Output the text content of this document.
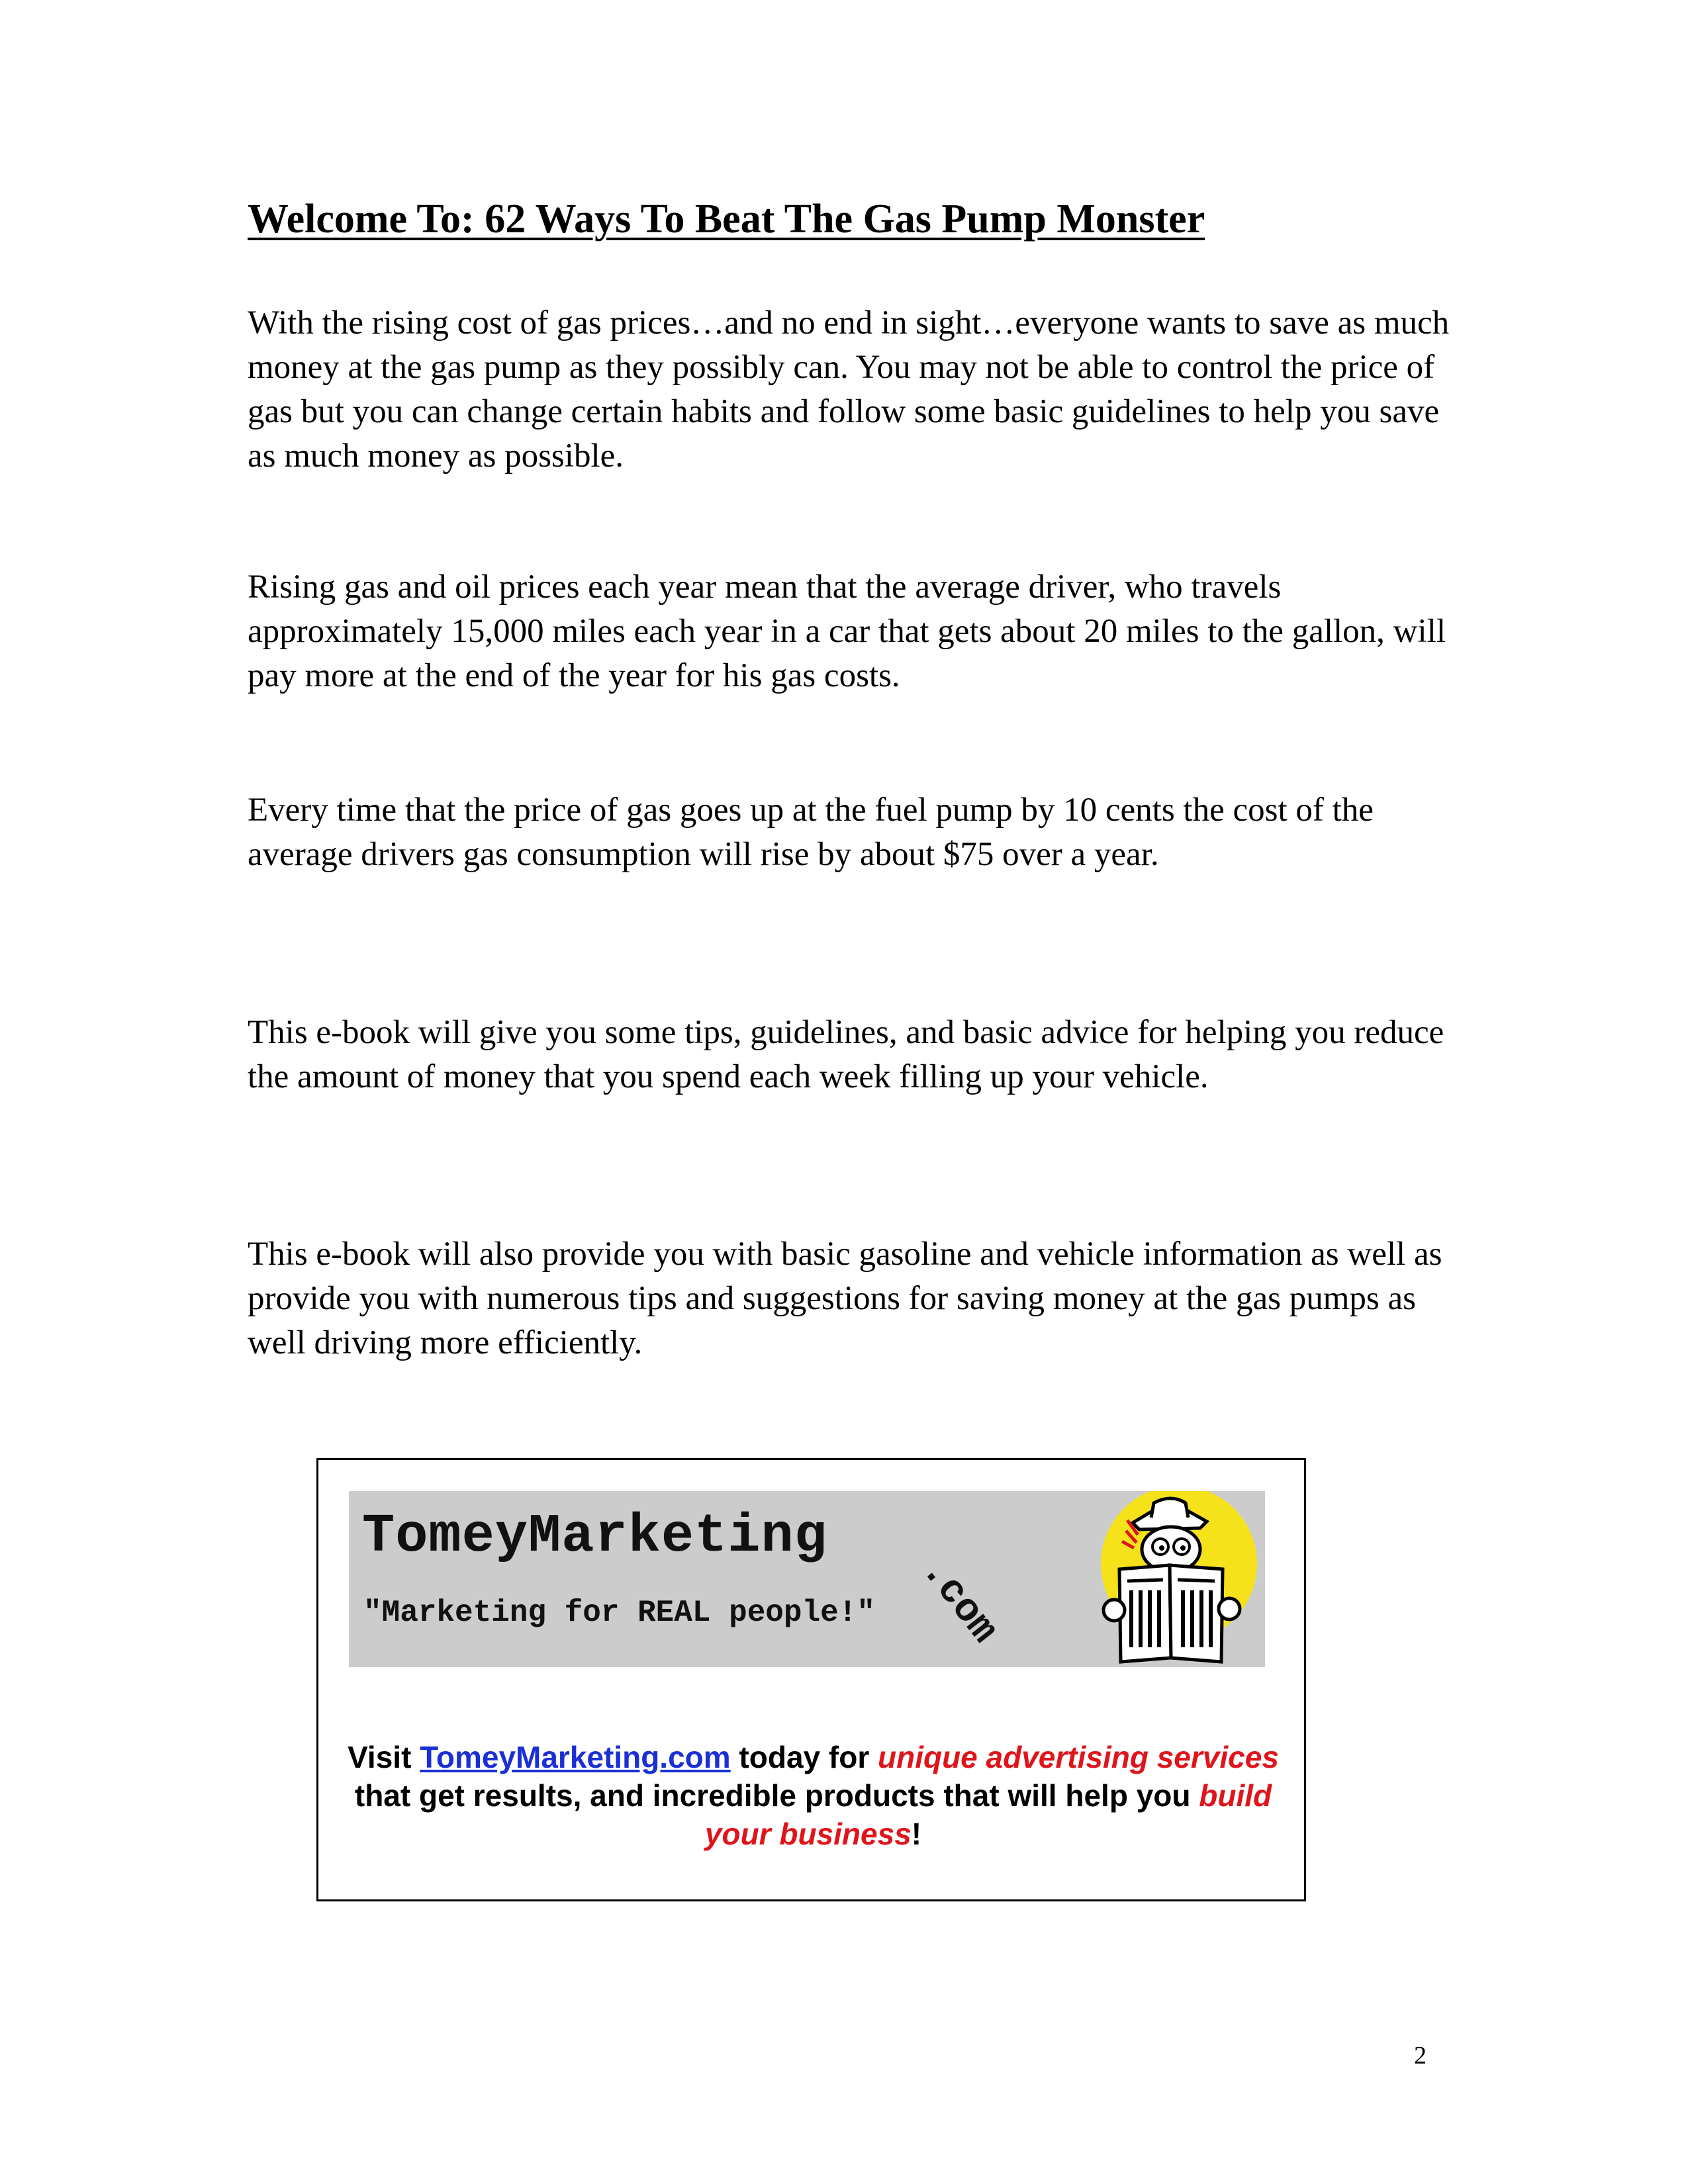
Welcome To: 62 Ways To Beat The Gas Pump Monster

With the rising cost of gas prices…and no end in sight…everyone wants to save as much money at the gas pump as they possibly can. You may not be able to control the price of gas but you can change certain habits and follow some basic guidelines to help you save as much money as possible.

Rising gas and oil prices each year mean that the average driver, who travels approximately 15,000 miles each year in a car that gets about 20 miles to the gallon, will pay more at the end of the year for his gas costs.

Every time that the price of gas goes up at the fuel pump by 10 cents the cost of the average drivers gas consumption will rise by about $75 over a year.

This e-book will give you some tips, guidelines, and basic advice for helping you reduce the amount of money that you spend each week filling up your vehicle.

This e-book will also provide you with basic gasoline and vehicle information as well as provide you with numerous tips and suggestions for saving money at the gas pumps as well driving more efficiently.

TomeyMarketing
.com
"Marketing for REAL people!"

Visit TomeyMarketing.com today for unique advertising services that get results, and incredible products that will help you build your business!

2
